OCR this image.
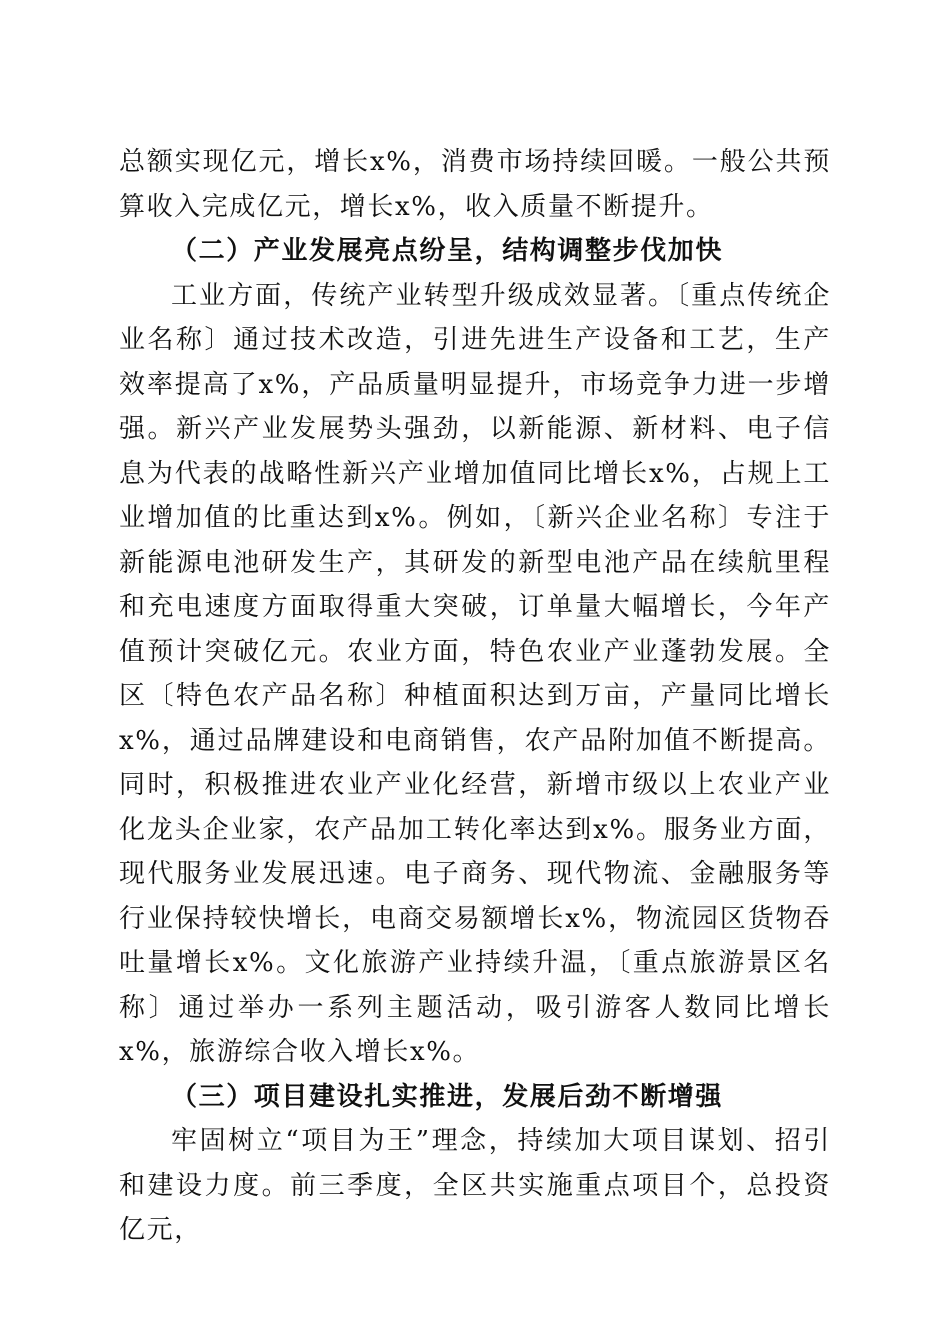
总额实现亿元，增长x%，消费市场持续回暖。一般公共预算收入完成亿元，增长x%，收入质量不断提升。

（二）产业发展亮点纷呈，结构调整步伐加快

工业方面，传统产业转型升级成效显著。〔重点传统企业名称〕通过技术改造，引进先进生产设备和工艺，生产效率提高了x%，产品质量明显提升，市场竞争力进一步增强。新兴产业发展势头强劲，以新能源、新材料、电子信息为代表的战略性新兴产业增加值同比增长x%，占规上工业增加值的比重达到x%。例如，〔新兴企业名称〕专注于新能源电池研发生产，其研发的新型电池产品在续航里程和充电速度方面取得重大突破，订单量大幅增长，今年产值预计突破亿元。农业方面，特色农业产业蓬勃发展。全区〔特色农产品名称〕种植面积达到万亩，产量同比增长x%，通过品牌建设和电商销售，农产品附加值不断提高。同时，积极推进农业产业化经营，新增市级以上农业产业化龙头企业家，农产品加工转化率达到x%。服务业方面，现代服务业发展迅速。电子商务、现代物流、金融服务等行业保持较快增长，电商交易额增长x%，物流园区货物吞吐量增长x%。文化旅游产业持续升温，〔重点旅游景区名称〕通过举办一系列主题活动，吸引游客人数同比增长x%，旅游综合收入增长x%。

（三）项目建设扎实推进，发展后劲不断增强

牢固树立“项目为王”理念，持续加大项目谋划、招引和建设力度。前三季度，全区共实施重点项目个，总投资亿元，
